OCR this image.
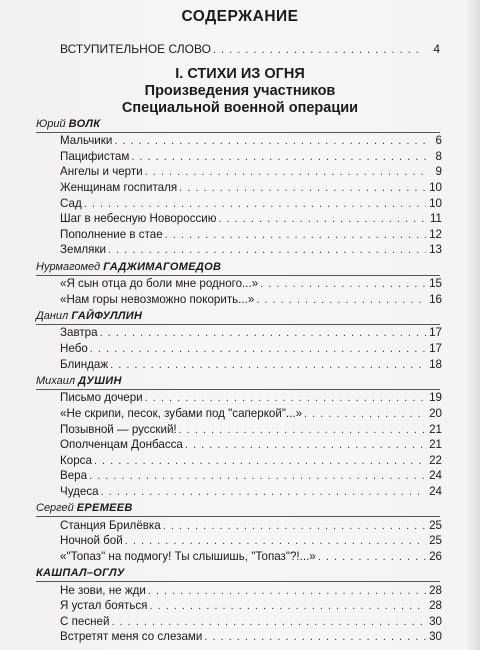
СОДЕРЖАНИЕ
ВСТУПИТЕЛЬНОЕ СЛОВО . . .	4
I. СТИХИ ИЗ ОГНЯ
Произведения участников
Специальной военной операции
Юрий ВОЛК
Мальчики . . .	6
Пацифистам . . .	8
Ангелы и черти . . .	9
Женщинам госпиталя . . .	10
Сад . . .	10
Шаг в небесную Новороссию . . .	11
Пополнение в стае . . .	12
Земляки . . .	13
Нурмагомед ГАДЖИМАГОМЕДОВ
«Я сын отца до боли мне родного...» . . .	15
«Нам горы невозможно покорить...» . . .	16
Данил ГАЙФУЛЛИН
Завтра . . .	17
Небо . . .	17
Блиндаж . . .	18
Михаил ДУШИН
Письмо дочери . . .	19
«Не скрипи, песок, зубами под "саперкой"...» . . .	20
Позывной — русский! . . .	21
Ополченцам Донбасса . . .	21
Корса . . .	22
Вера . . .	24
Чудеса . . .	24
Сергей ЕРЕМЕЕВ
Станция Брилёвка . . .	25
Ночной бой . . .	25
«"Топаз" на подмогу! Ты слышишь, "Топаз"?!...» . . .	26
КАШПАЛ–ОГЛУ
Не зови, не жди . . .	28
Я устал бояться . . .	28
С песней . . .	30
Встретят меня со слезами . . .	30
